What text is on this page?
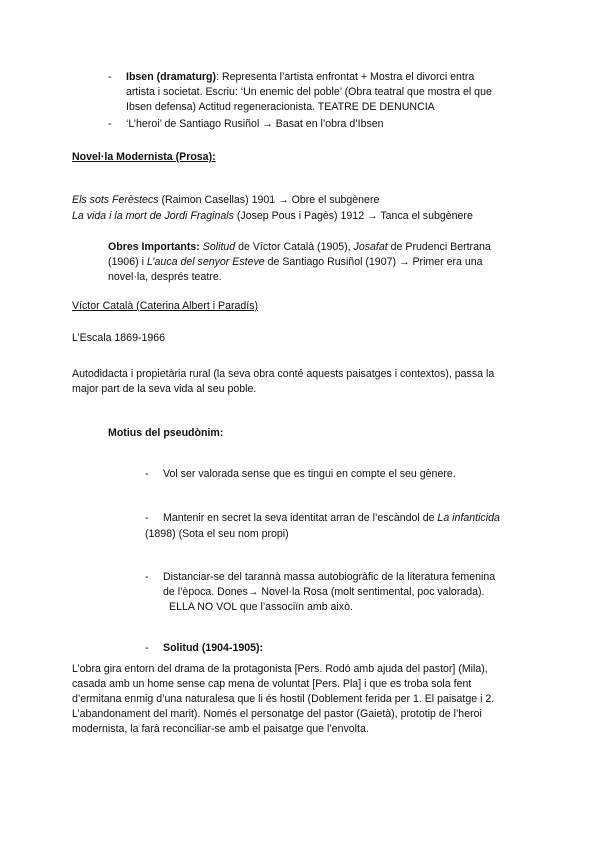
- Ibsen (dramaturg): Representa l’artista enfrontat + Mostra el divorci entra
artista i societat. Escriu: ‘Un enemic del poble’ (Obra teatral que mostra el que
Ibsen defensa) Actitud regeneracionista. TEATRE DE DENUNCIA
- ‘L’heroi’ de Santiago Rusiñol → Basat en l’obra d’Ibsen
Novel·la Modernista (Prosa):
Els sots Ferèstecs (Raimon Casellas) 1901 → Obre el subgènere
La vida i la mort de Jordi Fraginals (Josep Pous i Pagès) 1912 → Tanca el subgènere
Obres Importants: Solitud de Víctor Català (1905), Josafat de Prudenci Bertrana
(1906) i L’auca del senyor Esteve de Santiago Rusiñol (1907) → Primer era una
novel·la, després teatre.
Víctor Català (Caterina Albert i Paradís)
L’Escala 1869-1966
Autodidacta i propietària rural (la seva obra conté aquests paisatges i contextos), passa la
major part de la seva vida al seu poble.
Motius del pseudònim:
- Vol ser valorada sense que es tingui en compte el seu gènere.
- Mantenir en secret la seva identitat arran de l’escàndol de La infanticida
(1898) (Sota el seu nom propi)
- Distanciar-se del tarannà massa autobiogràfic de la literatura femenina
de l’època. Dones→ Novel·la Rosa (molt sentimental, poc valorada).
ELLA NO VOL que l’associïn amb això.
- Solitud (1904-1905):
L’obra gira entorn del drama de la protagonista [Pers. Rodó amb ajuda del pastor] (Mila),
casada amb un home sense cap mena de voluntat [Pers. Pla] i que es troba sola fent
d’ermitana enmig d’una naturalesa que li és hostil (Doblement ferida per 1. El paisatge i 2.
L’abandonament del marit). Només el personatge del pastor (Gaietà), prototip de l’heroi
modernista, la farà reconciliar-se amb el paisatge que l’envolta.
